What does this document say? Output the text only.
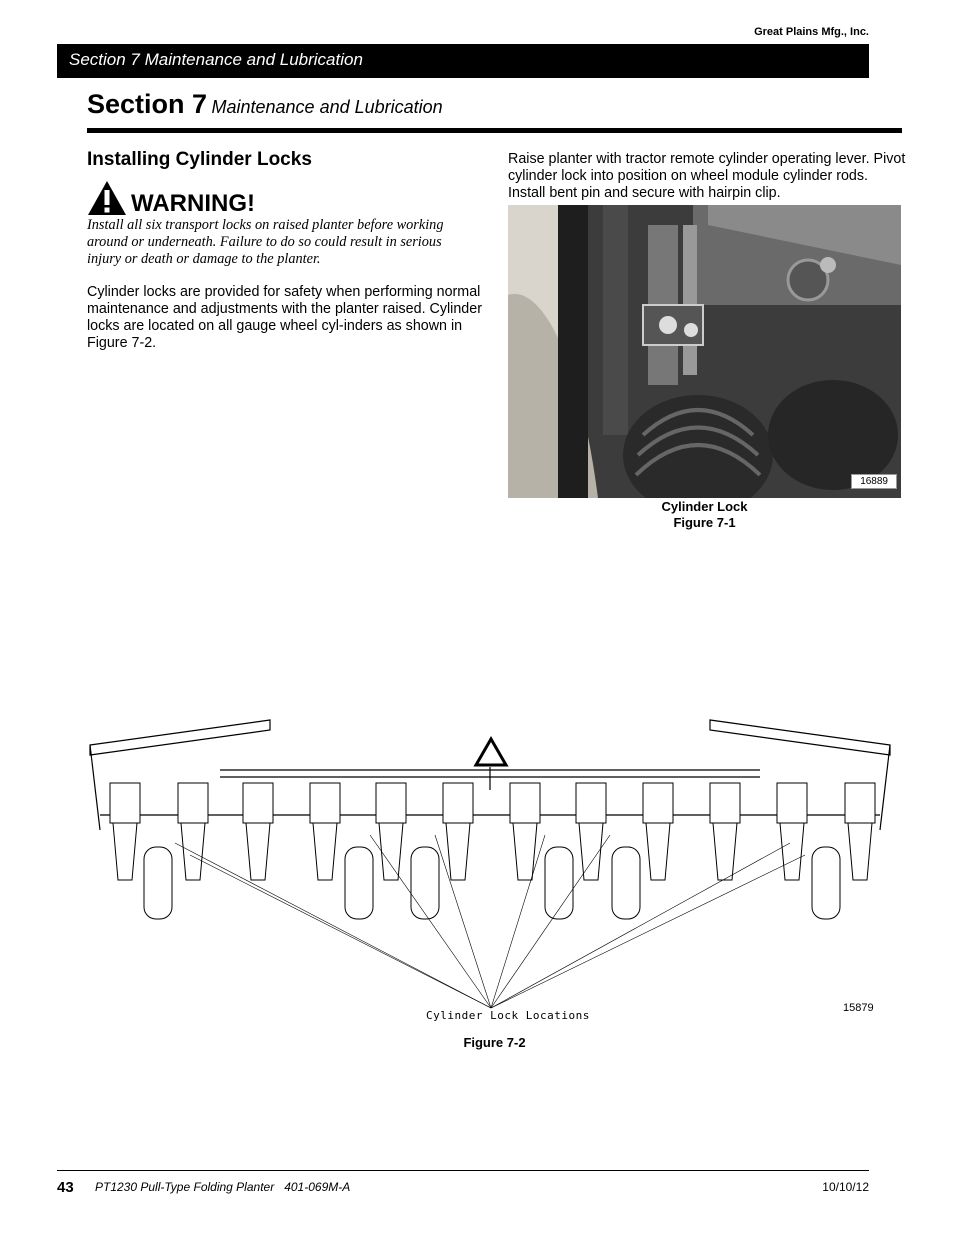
Great Plains Mfg., Inc.
Section 7 Maintenance and Lubrication
Section 7 Maintenance and Lubrication
Installing Cylinder Locks
WARNING!
Install all six transport locks on raised planter before working around or underneath. Failure to do so could result in serious injury or death or damage to the planter.
Cylinder locks are provided for safety when performing normal maintenance and adjustments with the planter raised. Cylinder locks are located on all gauge wheel cyl-inders as shown in Figure 7-2.
Raise planter with tractor remote cylinder operating lever. Pivot cylinder lock into position on wheel module cylinder rods. Install bent pin and secure with hairpin clip.
16889
Cylinder Lock
Figure 7-1
Cylinder Lock Locations
15879
Figure 7-2
43 PT1230 Pull-Type Folding Planter   401-069M-A	10/10/12
